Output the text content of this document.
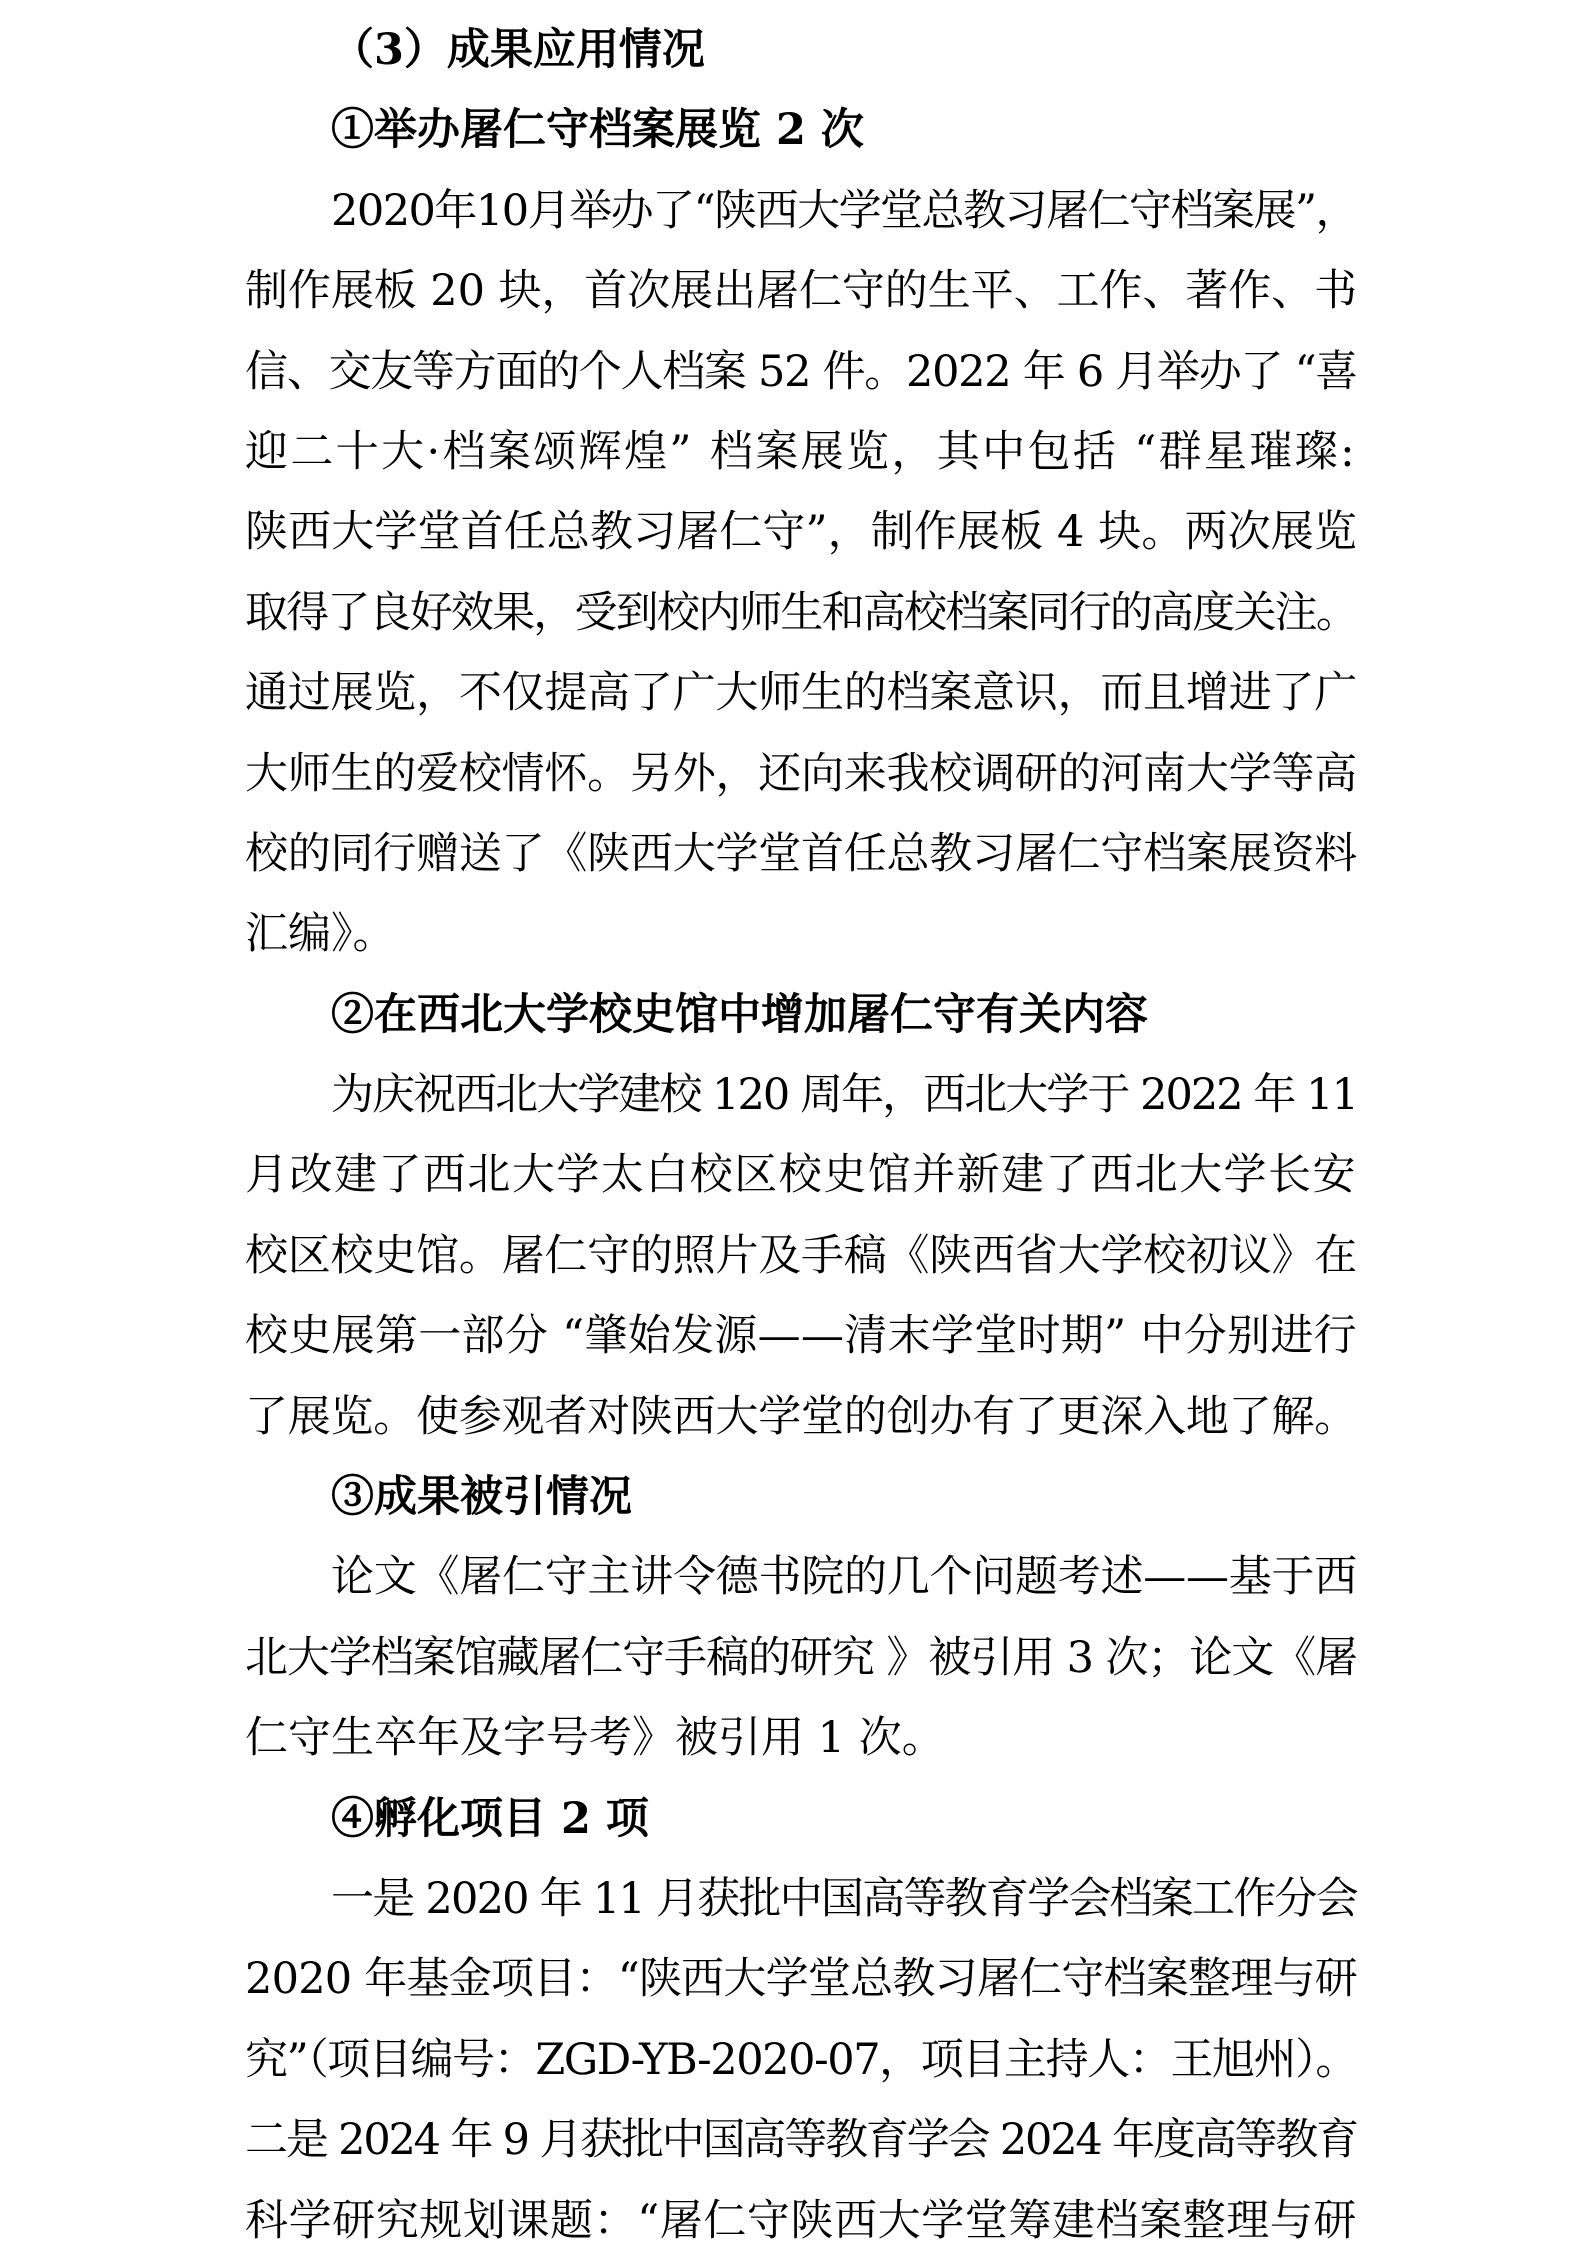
（3）成果应用情况
①举办屠仁守档案展览 2 次
2020年10月举办了“陕西大学堂总教习屠仁守档案展”，
制作展板 20 块，首次展出屠仁守的生平、工作、著作、书
信、交友等方面的个人档案 52 件。2022 年 6 月举办了 “喜
迎二十大·档案颂辉煌” 档案展览，其中包括 “群星璀璨:
陕西大学堂首任总教习屠仁守”，制作展板 4 块。两次展览
取得了良好效果，受到校内师生和高校档案同行的高度关注。
通过展览，不仅提高了广大师生的档案意识，而且增进了广
大师生的爱校情怀。另外，还向来我校调研的河南大学等高
校的同行赠送了《陕西大学堂首任总教习屠仁守档案展资料
汇编》。
②在西北大学校史馆中增加屠仁守有关内容
为庆祝西北大学建校 120 周年，西北大学于 2022 年 11
月改建了西北大学太白校区校史馆并新建了西北大学长安
校区校史馆。屠仁守的照片及手稿《陕西省大学校初议》在
校史展第一部分 “肇始发源——清末学堂时期” 中分别进行
了展览。使参观者对陕西大学堂的创办有了更深入地了解。
③成果被引情况
论文《屠仁守主讲令德书院的几个问题考述——基于西
北大学档案馆藏屠仁守手稿的研究 》被引用 3 次；论文《屠
仁守生卒年及字号考》被引用 1 次。
④孵化项目 2 项
一是 2020 年 11 月获批中国高等教育学会档案工作分会
2020 年基金项目：“陕西大学堂总教习屠仁守档案整理与研
究”（项目编号：ZGD-YB-2020-07，项目主持人：王旭州）。
二是 2024 年 9 月获批中国高等教育学会 2024 年度高等教育
科学研究规划课题：“屠仁守陕西大学堂筹建档案整理与研
